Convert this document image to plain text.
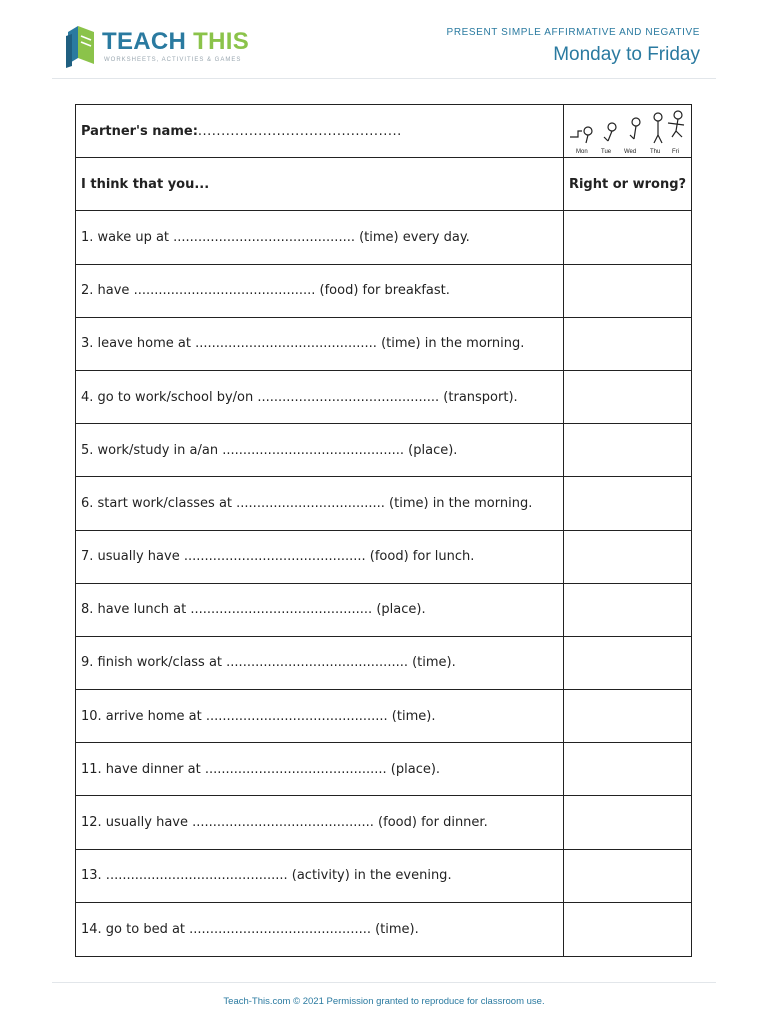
TEACH THIS
WORKSHEETS, ACTIVITIES & GAMES
PRESENT SIMPLE AFFIRMATIVE AND NEGATIVE
Monday to Friday
Partner's name: ............................................
Mon Tue Wed Thu Fri
I think that you...	Right or wrong?
1. wake up at ............................................ (time) every day.
2. have ............................................ (food) for breakfast.
3. leave home at ............................................ (time) in the morning.
4. go to work/school by/on ............................................ (transport).
5. work/study in a/an ............................................ (place).
6. start work/classes at .................................... (time) in the morning.
7. usually have ............................................ (food) for lunch.
8. have lunch at ............................................ (place).
9. finish work/class at ............................................ (time).
10. arrive home at ............................................ (time).
11. have dinner at ............................................ (place).
12. usually have ............................................ (food) for dinner.
13. ............................................ (activity) in the evening.
14. go to bed at ............................................ (time).
Teach-This.com © 2021 Permission granted to reproduce for classroom use.
